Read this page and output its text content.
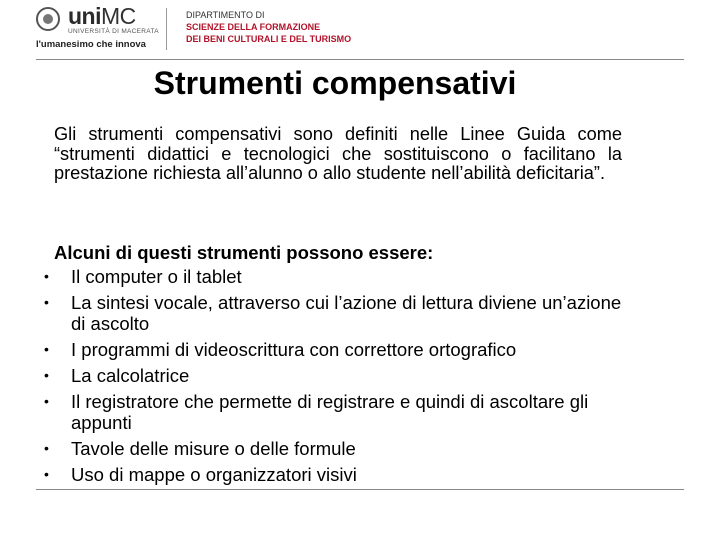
uniMC
UNIVERSITÀ DI MACERATA
l'umanesimo che innova
DIPARTIMENTO DI
SCIENZE DELLA FORMAZIONE
DEI BENI CULTURALI E DEL TURISMO
Strumenti compensativi
Gli strumenti compensativi sono definiti nelle Linee Guida come “strumenti didattici e tecnologici che sostituiscono o facilitano la prestazione richiesta all’alunno o allo studente nell’abilità deficitaria”.
Alcuni di questi strumenti possono essere:
• Il computer o il tablet
• La sintesi vocale, attraverso cui l’azione di lettura diviene un’azione di ascolto
• I programmi di videoscrittura con correttore ortografico
• La calcolatrice
• Il registratore che permette di registrare e quindi di ascoltare gli appunti
• Tavole delle misure o delle formule
• Uso di mappe o organizzatori visivi
